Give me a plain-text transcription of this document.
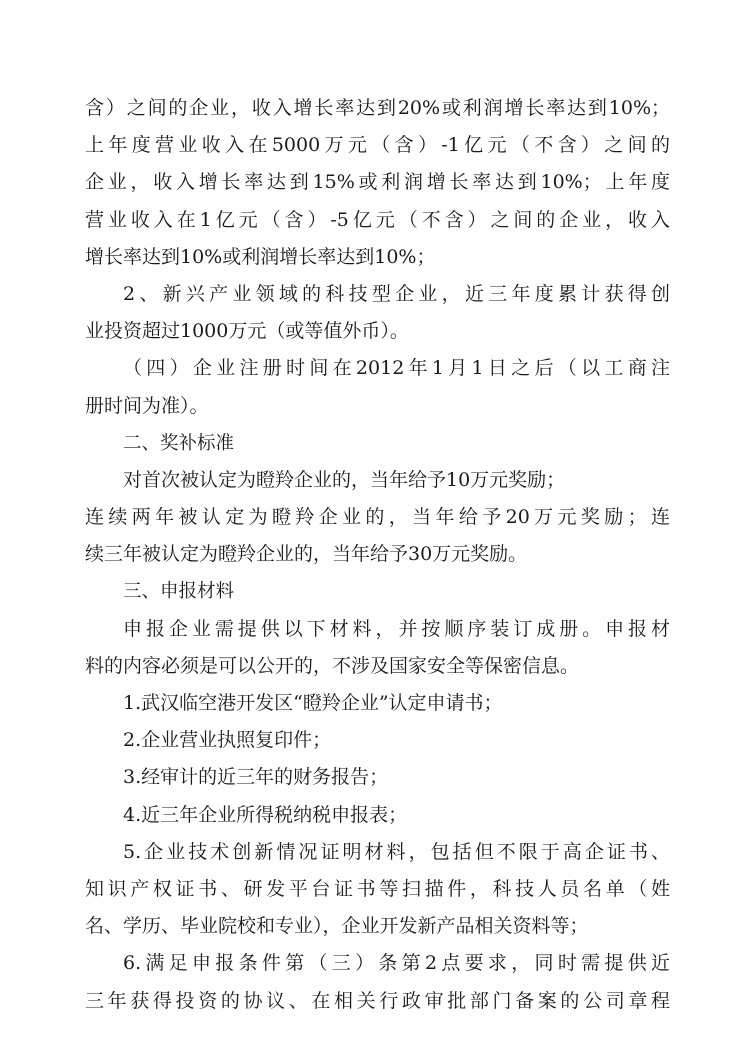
含）之间的企业，收入增长率达到20%或利润增长率达到10%；
上年度营业收入在5000万元（含）-1亿元（不含）之间的
企业，收入增长率达到15%或利润增长率达到10%；上年度
营业收入在1亿元（含）-5亿元（不含）之间的企业，收入
增长率达到10%或利润增长率达到10%；
2、新兴产业领域的科技型企业，近三年度累计获得创
业投资超过1000万元（或等值外币）。
（四）企业注册时间在2012年1月1日之后（以工商注
册时间为准）。
二、奖补标准
对首次被认定为瞪羚企业的，当年给予10万元奖励；
连续两年被认定为瞪羚企业的，当年给予20万元奖励；连
续三年被认定为瞪羚企业的，当年给予30万元奖励。
三、申报材料
申报企业需提供以下材料，并按顺序装订成册。申报材
料的内容必须是可以公开的，不涉及国家安全等保密信息。
1.武汉临空港开发区“瞪羚企业”认定申请书；
2.企业营业执照复印件；
3.经审计的近三年的财务报告；
4.近三年企业所得税纳税申报表；
5.企业技术创新情况证明材料，包括但不限于高企证书、
知识产权证书、研发平台证书等扫描件，科技人员名单（姓
名、学历、毕业院校和专业），企业开发新产品相关资料等；
6.满足申报条件第（三）条第2点要求，同时需提供近
三年获得投资的协议、在相关行政审批部门备案的公司章程
